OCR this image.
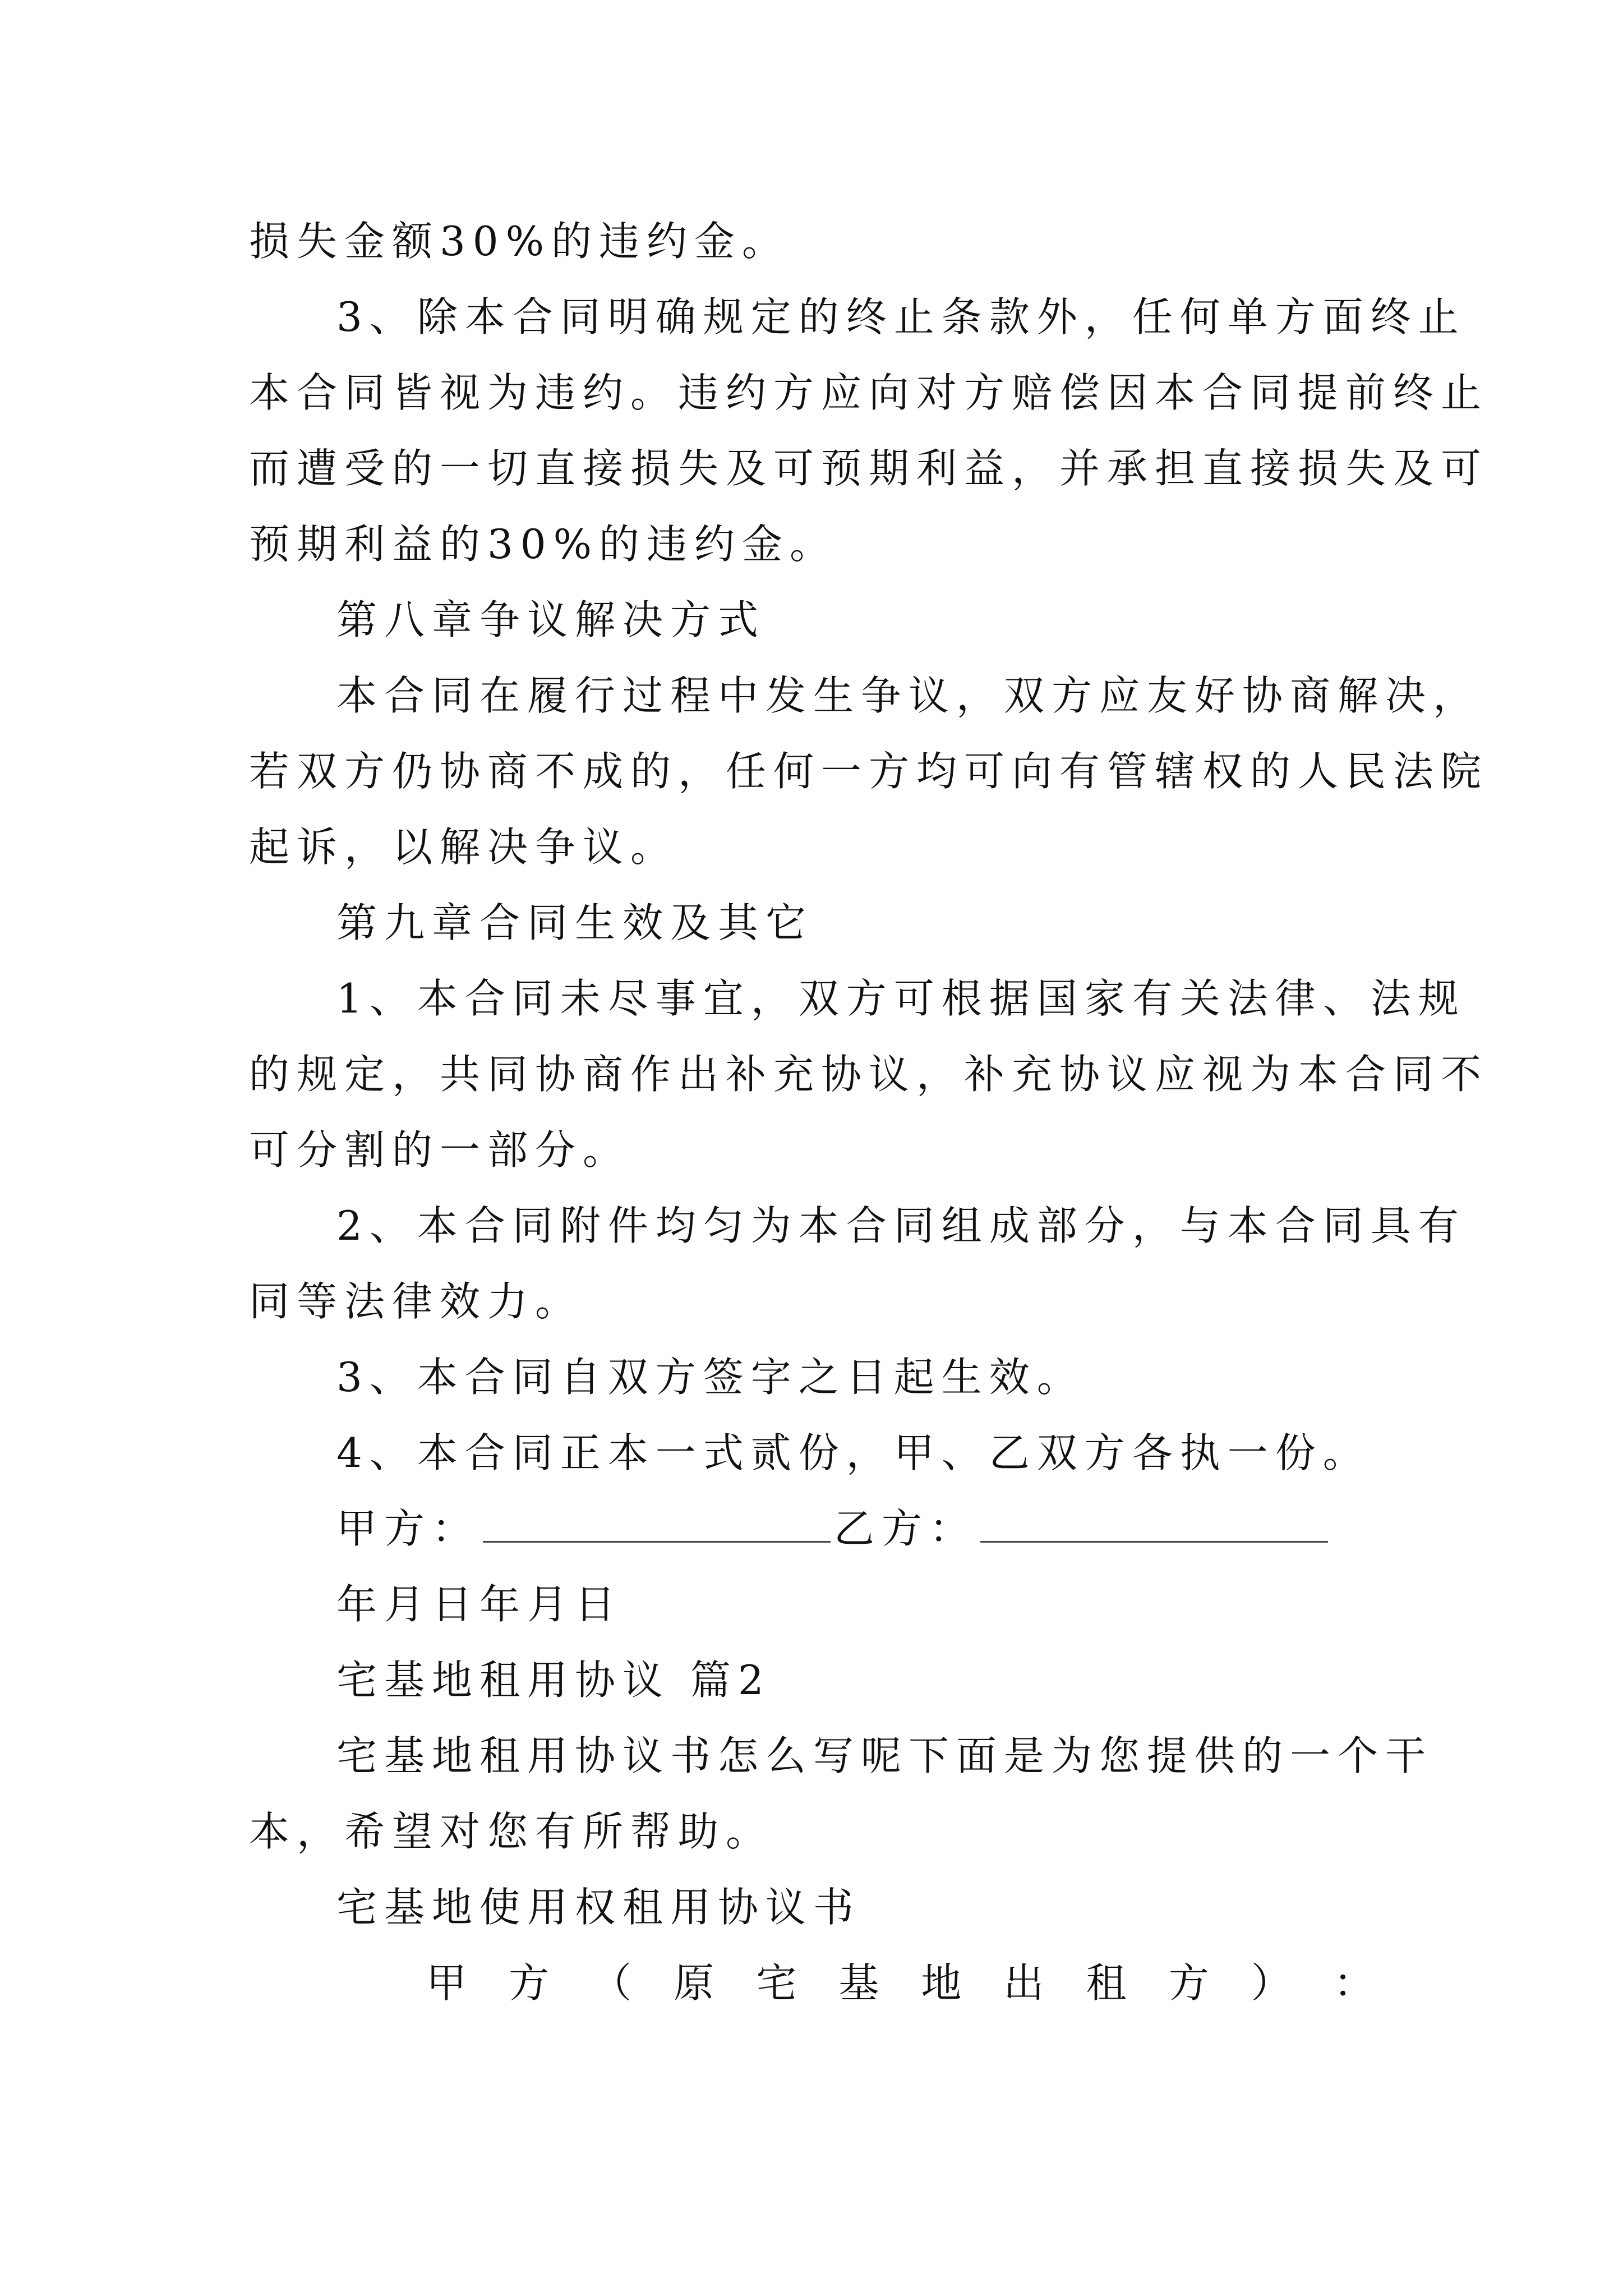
损失金额30%的违约金。
3、除本合同明确规定的终止条款外，任何单方面终止
本合同皆视为违约。违约方应向对方赔偿因本合同提前终止
而遭受的一切直接损失及可预期利益，并承担直接损失及可
预期利益的30%的违约金。
第八章争议解决方式
本合同在履行过程中发生争议，双方应友好协商解决，
若双方仍协商不成的，任何一方均可向有管辖权的人民法院
起诉，以解决争议。
第九章合同生效及其它
1、本合同未尽事宜，双方可根据国家有关法律、法规
的规定，共同协商作出补充协议，补充协议应视为本合同不
可分割的一部分。
2、本合同附件均匀为本合同组成部分，与本合同具有
同等法律效力。
3、本合同自双方签字之日起生效。
4、本合同正本一式贰份，甲、乙双方各执一份。
甲方：	乙方：
年月日年月日
宅基地租用协议 篇2
宅基地租用协议书怎么写呢下面是为您提供的一个干
本，希望对您有所帮助。
宅基地使用权租用协议书
甲 方 （ 原 宅 基 地 出 租 方 ） ：
